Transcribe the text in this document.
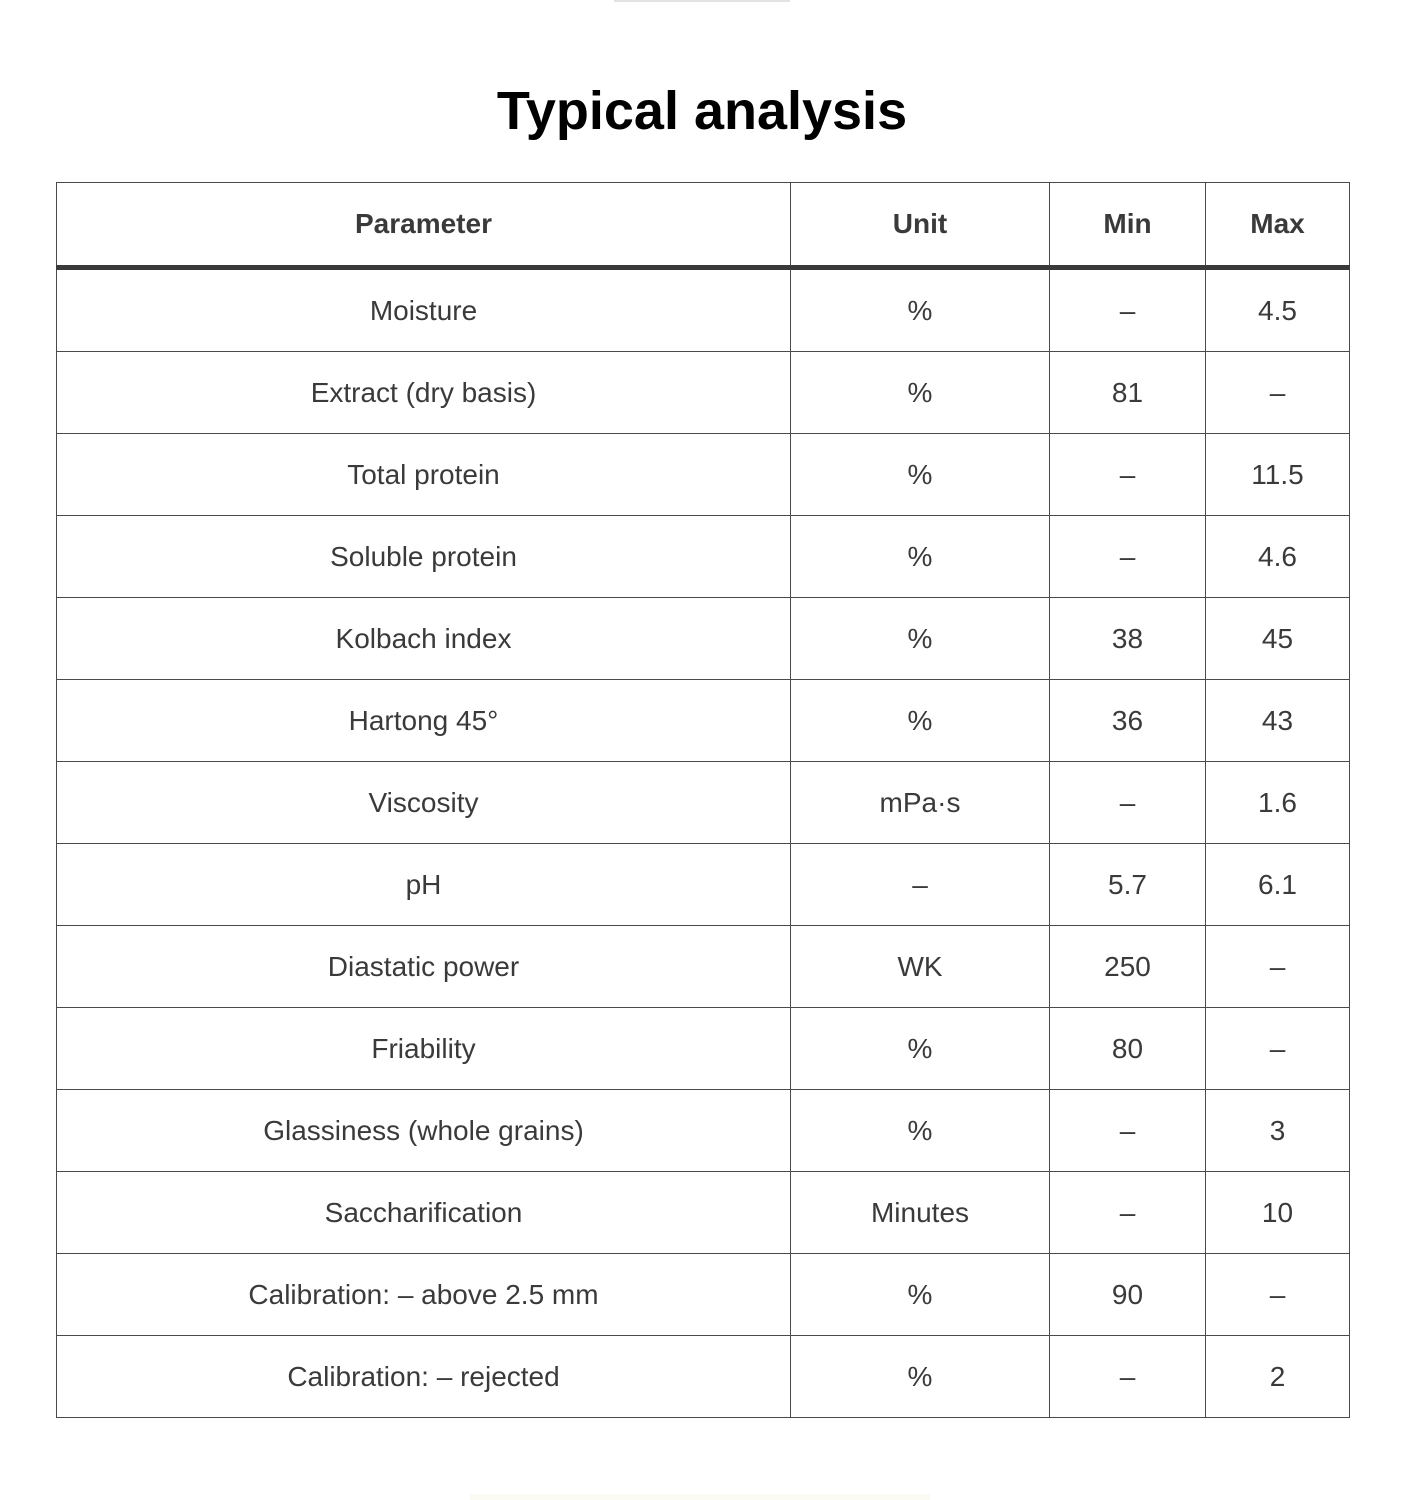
Typical analysis
Parameter	Unit	Min	Max
Moisture	%	–	4.5
Extract (dry basis)	%	81	–
Total protein	%	–	11.5
Soluble protein	%	–	4.6
Kolbach index	%	38	45
Hartong 45°	%	36	43
Viscosity	mPa·s	–	1.6
pH	–	5.7	6.1
Diastatic power	WK	250	–
Friability	%	80	–
Glassiness (whole grains)	%	–	3
Saccharification	Minutes	–	10
Calibration: – above 2.5 mm	%	90	–
Calibration: – rejected	%	–	2
